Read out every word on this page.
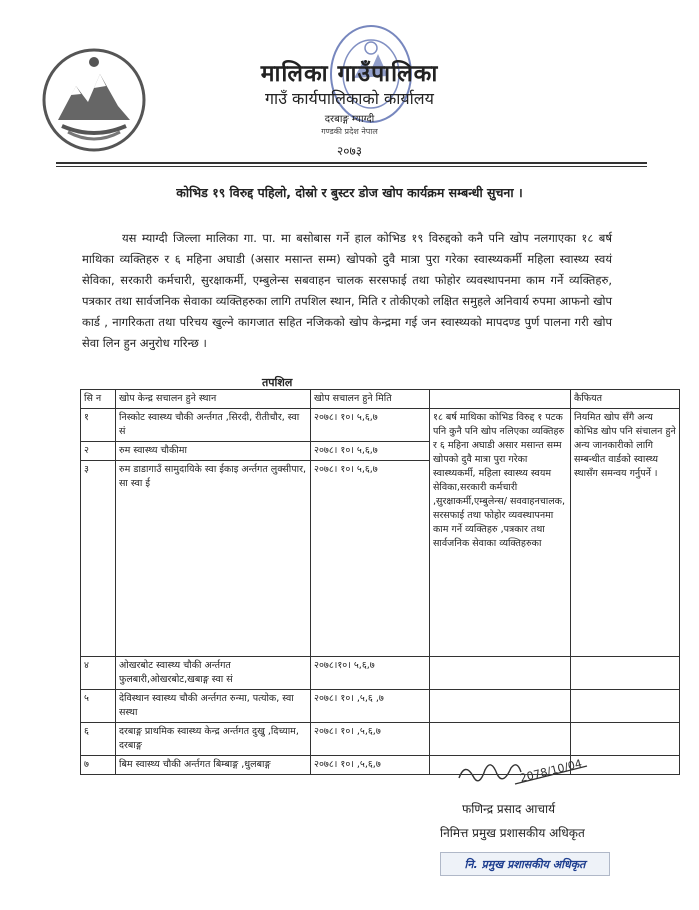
मालिका गाउँपालिका
गाउँ कार्यपालिकाको कार्यालय
दरबाङ्ग म्याग्दी
गण्डकी प्रदेश नेपाल
२०७३
कोभिड १९ विरुद्द पहिलो, दोस्रो र बुस्टर डोज खोप कार्यक्रम सम्बन्धी सुचना ।

यस म्याग्दी जिल्ला मालिका गा. पा. मा बसोबास गर्ने हाल कोभिड १९ विरुद्दको कनै पनि खोप नलगाएका १८ बर्ष माथिका व्यक्तिहरु र ६ महिना अघाडी (असार मसान्त सम्म) खोपको दुवै मात्रा पुरा गरेका स्वास्थ्यकर्मी महिला स्वास्थ्य स्वयं सेविका, सरकारी कर्मचारी, सुरक्षाकर्मी, एम्बुलेन्स सबवाहन चालक सरसफाई तथा फोहोर व्यवस्थापनमा काम गर्ने व्यक्तिहरु, पत्रकार तथा सार्वजनिक सेवाका व्यक्तिहरुका लागि तपशिल स्थान, मिति र तोकीएको लक्षित समुहले अनिवार्य रुपमा आफनो खोप कार्ड , नागरिकता तथा परिचय खुल्ने कागजात सहित नजिकको खोप केन्द्रमा गई जन स्वास्थ्यको मापदण्ड पुर्ण पालना गरी खोप सेवा लिन हुन अनुरोध गरिन्छ ।

तपशिल
सि न	खोप केन्द्र सचालन हुने स्थान	खोप सचालन हुने मिति		कैफियत
१	निस्कोट स्वास्थ्य चौकी अर्न्तगत ,सिरदी, रीतीचौर, स्वा सं	२०७८। १०। ५,६,७	१८ बर्ष माथिका कोभिड विरुद्द १ पटक पनि कुनै पनि खोप नलिएका व्यक्तिहरु र ६ महिना अघाडी असार मसान्त सम्म खोपको दुवै मात्रा पुरा गरेका स्वास्थ्यकर्मी, महिला स्वास्थ्य स्वयम सेविका,सरकारी कर्मचारी ,सुरक्षाकर्मी,एम्बुलेन्स/ सववाहनचालक, सरसफाई तथा फोहोर व्यवस्थापनमा काम गर्ने व्यक्तिहरु ,पत्रकार तथा सार्वजनिक सेवाका व्यक्तिहरुका	नियमित खोप सँगै अन्य कोभिड खोप पनि संचालन हुने अन्य जानकारीको लागि सम्बन्धीत वार्डको स्वास्थ्य स्थासँग समन्वय गर्नुपर्ने ।
२	रुम स्वास्थ्य चौकीमा	२०७८। १०। ५,६,७		
३	रुम डाडागाउँ सामुदायिके स्वा ईकाइ अर्न्तगत लुक्सीपार, सा स्वा ई	२०७८। १०। ५,६,७		
४	ओखरबोट स्वास्थ्य चौकी अर्न्तगत फुलबारी,ओखरबोट,खबाङ्ग स्वा सं	२०७८।१०। ५,६,७		
५	देविस्थान स्वास्थ्य चौकी अर्न्तगत रुन्मा, पत्योक, स्वा सस्था	२०७८। १०। ,५,६ ,७		
६	दरबाङ्ग प्राथमिक स्वास्थ्य केन्द्र अर्न्तगत दुखु ,दिच्याम, दरबाङ्ग	२०७८। १०। ,५,६,७		
७	बिम स्वास्थ्य चौकी अर्न्तगत बिम्बाङ्ग ,धुलबाङ्ग	२०७८। १०। ,५,६,७			2078/10/04
फणिन्द्र प्रसाद आचार्य
निमित्त प्रमुख प्रशासकीय अधिकृत
नि. प्रमुख प्रशासकीय अधिकृत
